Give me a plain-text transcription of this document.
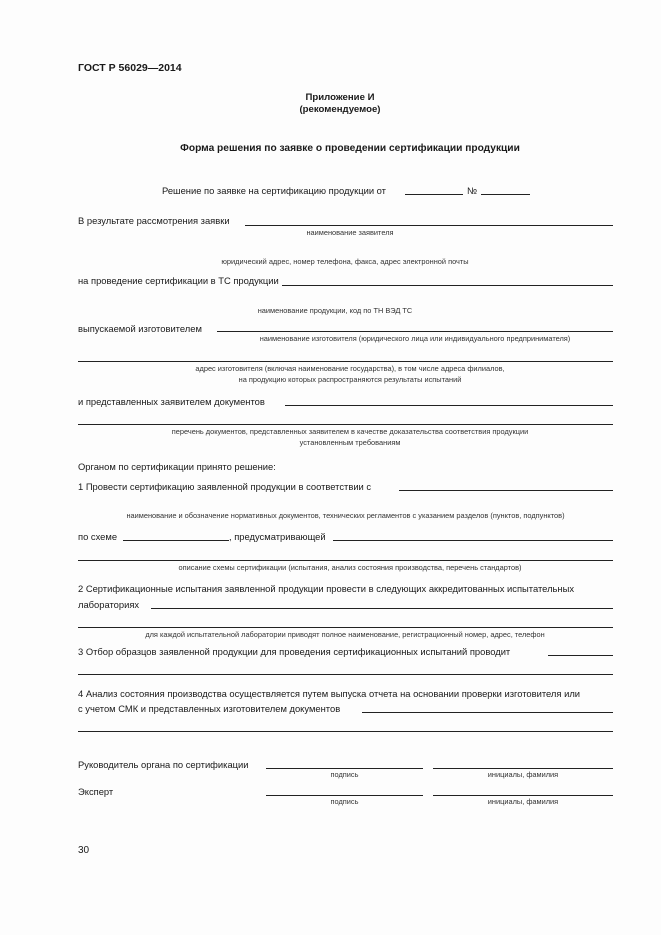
ГОСТ Р 56029—2014
Приложение И
(рекомендуемое)
Форма решения по заявке о проведении сертификации продукции
Решение по заявке на сертификацию продукции от	№
В результате рассмотрения заявки
наименование заявителя
юридический адрес, номер телефона, факса, адрес электронной почты
на проведение сертификации в ТС продукции
наименование продукции, код по ТН ВЭД ТС
выпускаемой изготовителем
наименование изготовителя (юридического лица или индивидуального предпринимателя)
адрес изготовителя (включая наименование государства), в том числе адреса филиалов,
на продукцию которых распространяются результаты испытаний
и представленных заявителем документов
перечень документов, представленных заявителем в качестве доказательства соответствия продукции
установленным требованиям
Органом по сертификации принято решение:
1 Провести сертификацию заявленной продукции в соответствии с
наименование и обозначение нормативных документов, технических регламентов с указанием разделов (пунктов, подпунктов)
по схеме	, предусматривающей
описание схемы сертификации (испытания, анализ состояния производства, перечень стандартов)
2 Сертификационные испытания заявленной продукции провести в следующих аккредитованных испытательных
лабораториях
для каждой испытательной лаборатории приводят полное наименование, регистрационный номер, адрес, телефон
3 Отбор образцов заявленной продукции для проведения сертификационных испытаний проводит
4 Анализ состояния производства осуществляется путем выпуска отчета на основании проверки изготовителя или
с учетом СМК и представленных изготовителем документов
Руководитель органа по сертификации
подпись	инициалы, фамилия
Эксперт
подпись	инициалы, фамилия
30
